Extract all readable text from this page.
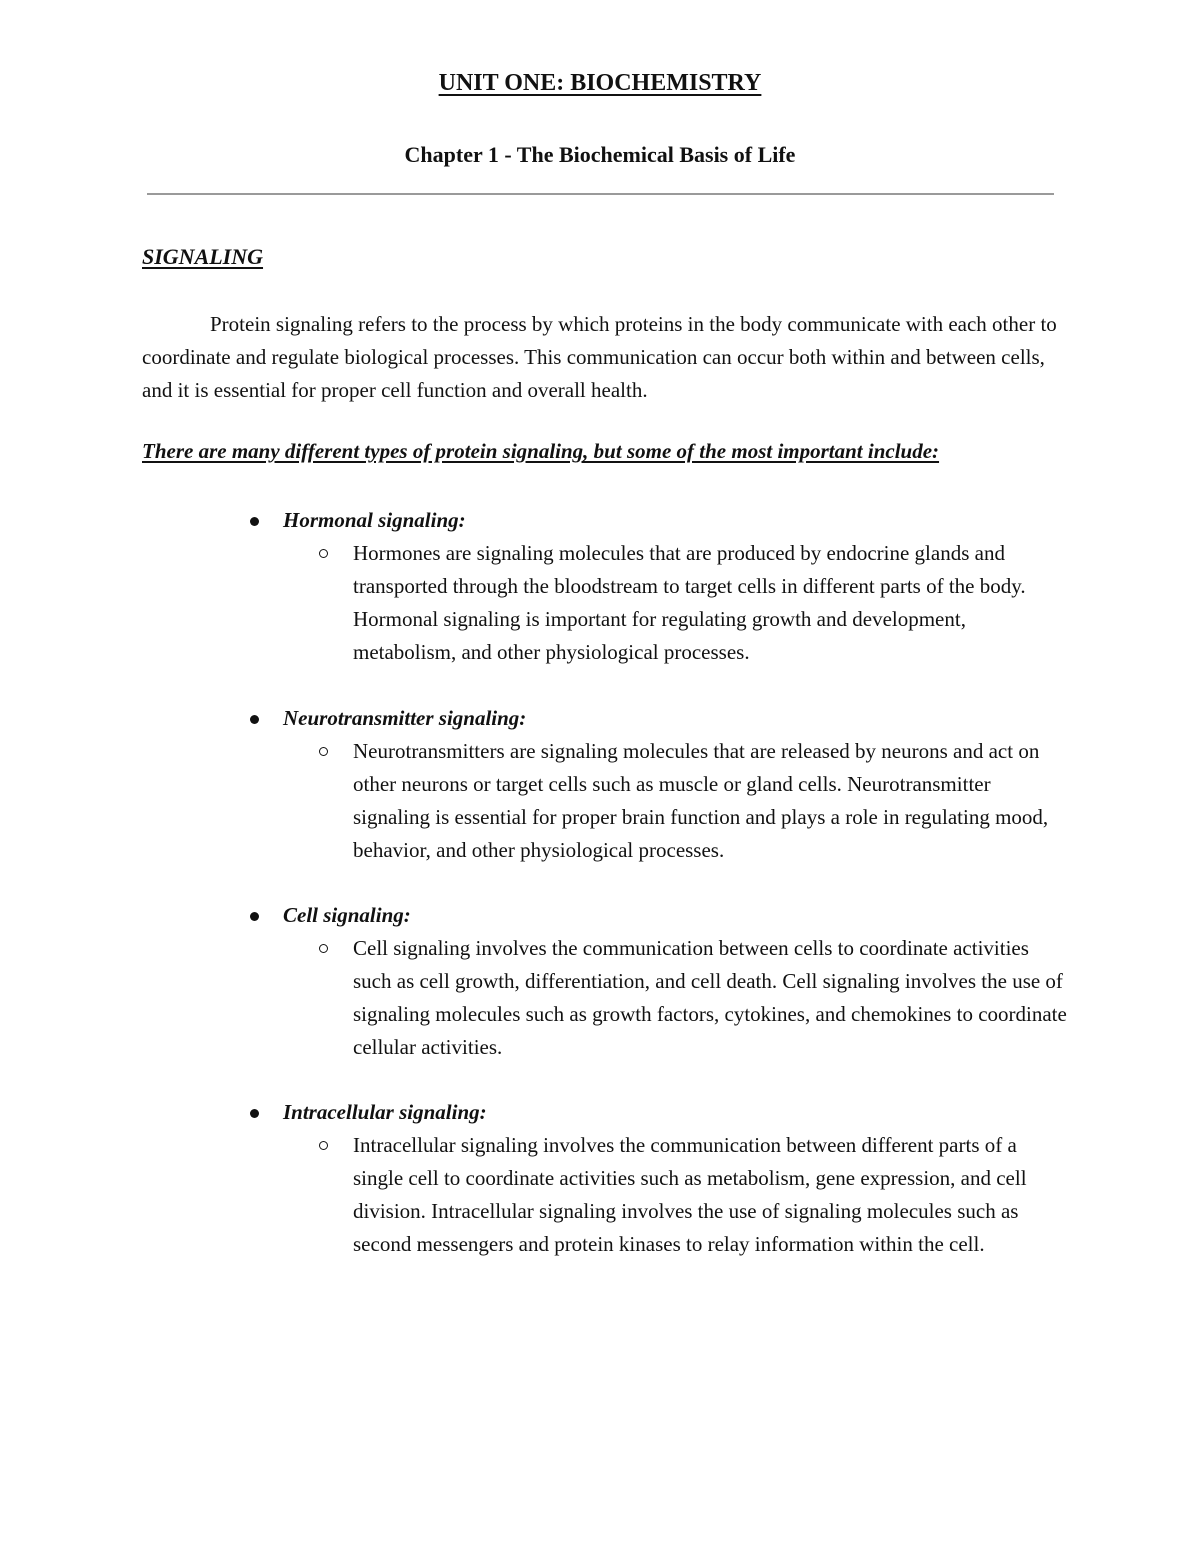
UNIT ONE: BIOCHEMISTRY
Chapter 1 - The Biochemical Basis of Life
SIGNALING

Protein signaling refers to the process by which proteins in the body communicate with each other to coordinate and regulate biological processes. This communication can occur both within and between cells, and it is essential for proper cell function and overall health.

There are many different types of protein signaling, but some of the most important include:
Hormonal signaling:

Hormones are signaling molecules that are produced by endocrine glands and transported through the bloodstream to target cells in different parts of the body. Hormonal signaling is important for regulating growth and development, metabolism, and other physiological processes.

Neurotransmitter signaling:

Neurotransmitters are signaling molecules that are released by neurons and act on other neurons or target cells such as muscle or gland cells. Neurotransmitter signaling is essential for proper brain function and plays a role in regulating mood, behavior, and other physiological processes.

Cell signaling:

Cell signaling involves the communication between cells to coordinate activities such as cell growth, differentiation, and cell death. Cell signaling involves the use of signaling molecules such as growth factors, cytokines, and chemokines to coordinate cellular activities.

Intracellular signaling:

Intracellular signaling involves the communication between different parts of a single cell to coordinate activities such as metabolism, gene expression, and cell division. Intracellular signaling involves the use of signaling molecules such as second messengers and protein kinases to relay information within the cell.
